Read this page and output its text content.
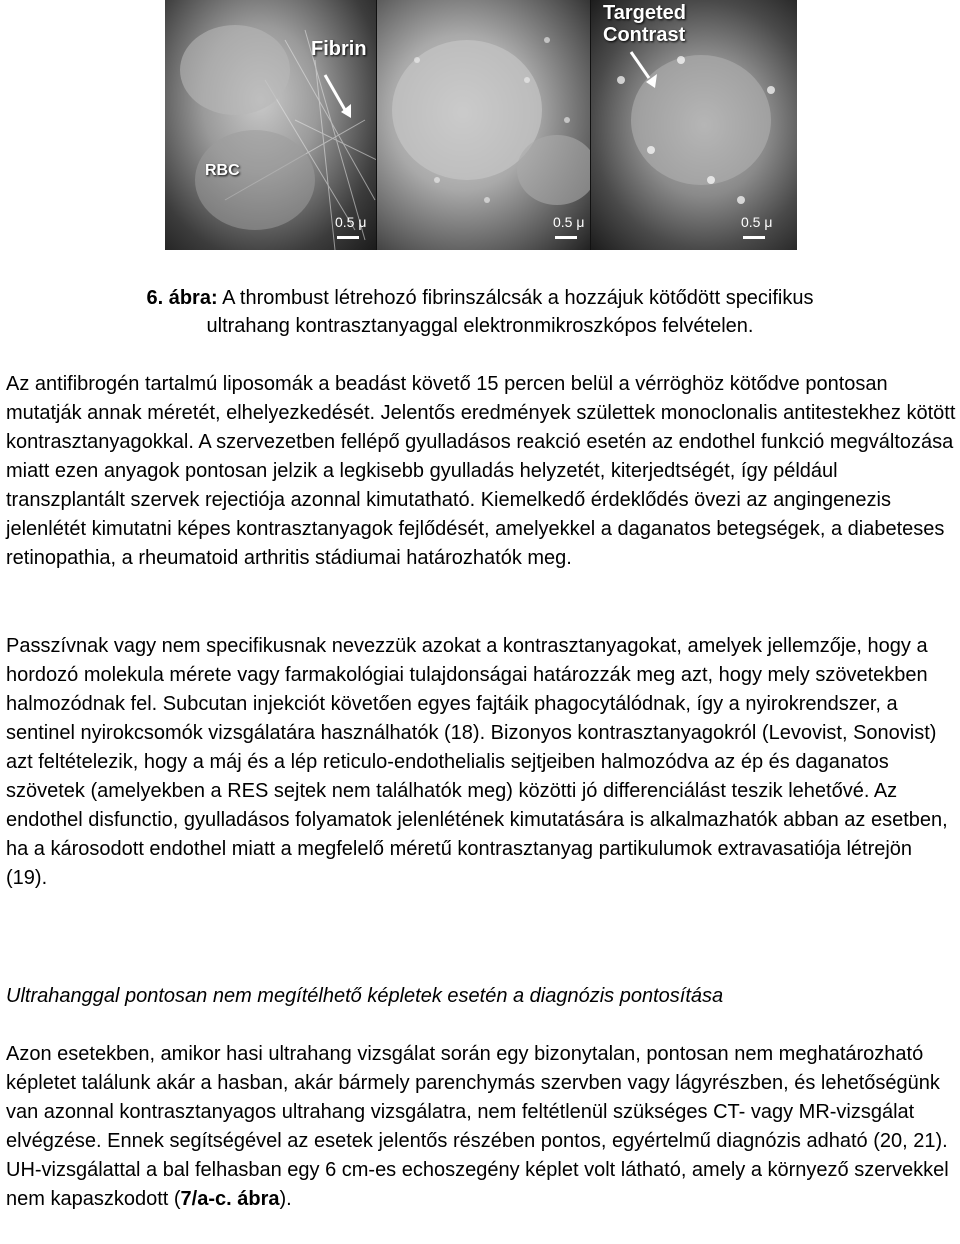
Fibrin
RBC
0.5 μ	0.5 μ
Targeted
Contrast
0.5 μ
6. ábra: A thrombust létrehozó fibrinszálcsák a hozzájuk kötődött specifikus
ultrahang kontrasztanyaggal elektronmikroszkópos felvételen.

Az antifibrogén tartalmú liposomák a beadást követő 15 percen belül a vérröghöz kötődve pontosan mutatják annak méretét, elhelyezkedését. Jelentős eredmények születtek monoclonalis antitestekhez kötött kontrasztanyagokkal. A szervezetben fellépő gyulladásos reakció esetén az endothel funkció megváltozása miatt ezen anyagok pontosan jelzik a legkisebb gyulladás helyzetét, kiterjedtségét, így például transzplantált szervek rejectiója azonnal kimutatható. Kiemelkedő érdeklődés övezi az angingenezis jelenlétét kimutatni képes kontrasztanyagok fejlődését, amelyekkel a daganatos betegségek, a diabeteses retinopathia, a rheumatoid arthritis stádiumai határozhatók meg.

Passzívnak vagy nem specifikusnak nevezzük azokat a kontrasztanyagokat, amelyek jellemzője, hogy a hordozó molekula mérete vagy farmakológiai tulajdonságai határozzák meg azt, hogy mely szövetekben halmozódnak fel. Subcutan injekciót követően egyes fajtáik phagocytálódnak, így a nyirokrendszer, a sentinel nyirokcsomók vizsgálatára használhatók (18). Bizonyos kontrasztanyagokról (Levovist, Sonovist) azt feltételezik, hogy a máj és a lép reticulo-endothelialis sejtjeiben halmozódva az ép és daganatos szövetek (amelyekben a RES sejtek nem találhatók meg) közötti jó differenciálást teszik lehetővé. Az endothel disfunctio, gyulladásos folyamatok jelenlétének kimutatására is alkalmazhatók abban az esetben, ha a károsodott endothel miatt a megfelelő méretű kontrasztanyag partikulumok extravasatiója létrejön (19).

Ultrahanggal pontosan nem megítélhető képletek esetén a diagnózis pontosítása

Azon esetekben, amikor hasi ultrahang vizsgálat során egy bizonytalan, pontosan nem meghatározható képletet találunk akár a hasban, akár bármely parenchymás szervben vagy lágyrészben, és lehetőségünk van azonnal kontrasztanyagos ultrahang vizsgálatra, nem feltétlenül szükséges CT- vagy MR-vizsgálat elvégzése. Ennek segítségével az esetek jelentős részében pontos, egyértelmű diagnózis adható (20, 21). UH-vizsgálattal a bal felhasban egy 6 cm-es echoszegény képlet volt látható, amely a környező szervekkel nem kapaszkodott (7/a-c. ábra).
